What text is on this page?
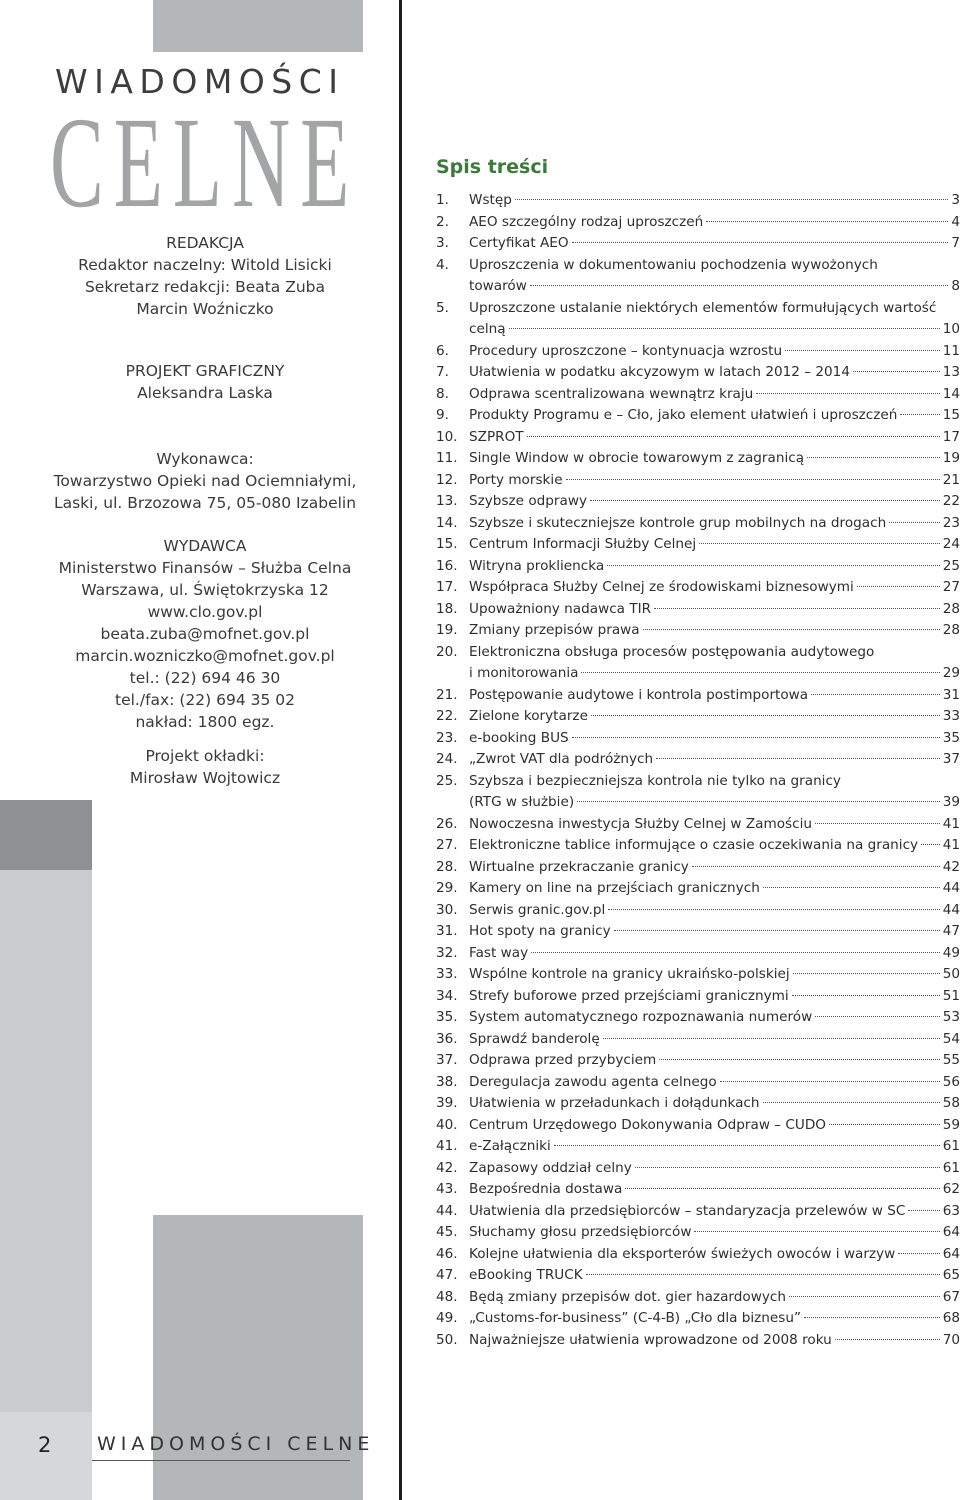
WIADOMOŚCI
CELNE
REDAKCJA
Redaktor naczelny: Witold Lisicki
Sekretarz redakcji: Beata Zuba
Marcin Woźniczko
PROJEKT GRAFICZNY
Aleksandra Laska
Wykonawca:
Towarzystwo Opieki nad Ociemniałymi,
Laski, ul. Brzozowa 75, 05-080 Izabelin
WYDAWCA
Ministerstwo Finansów – Służba Celna
Warszawa, ul. Świętokrzyska 12
www.clo.gov.pl
beata.zuba@mofnet.gov.pl
marcin.wozniczko@mofnet.gov.pl
tel.: (22) 694 46 30
tel./fax: (22) 694 35 02
nakład: 1800 egz.
Projekt okładki:
Mirosław Wojtowicz
Spis treści
1. Wstęp	3
2. AEO szczególny rodzaj uproszczeń	4
3. Certyfikat AEO	7
4. Uproszczenia w dokumentowaniu pochodzenia wywożonych
towarów	8
5. Uproszczone ustalanie niektórych elementów formułujących wartość
celną	10
6. Procedury uproszczone – kontynuacja wzrostu	11
7. Ułatwienia w podatku akcyzowym w latach 2012 – 2014	13
8. Odprawa scentralizowana wewnątrz kraju	14
9. Produkty Programu e – Cło, jako element ułatwień i uproszczeń	15
10. SZPROT	17
11. Single Window w obrocie towarowym z zagranicą	19
12. Porty morskie	21
13. Szybsze odprawy	22
14. Szybsze i skuteczniejsze kontrole grup mobilnych na drogach	23
15. Centrum Informacji Służby Celnej	24
16. Witryna prokliencka	25
17. Współpraca Służby Celnej ze środowiskami biznesowymi	27
18. Upoważniony nadawca TIR	28
19. Zmiany przepisów prawa	28
20. Elektroniczna obsługa procesów postępowania audytowego
i monitorowania	29
21. Postępowanie audytowe i kontrola postimportowa	31
22. Zielone korytarze	33
23. e-booking BUS	35
24. „Zwrot VAT dla podróżnych	37
25. Szybsza i bezpieczniejsza kontrola nie tylko na granicy
(RTG w służbie)	39
26. Nowoczesna inwestycja Służby Celnej w Zamościu	41
27. Elektroniczne tablice informujące o czasie oczekiwania na granicy 41
28. Wirtualne przekraczanie granicy	42
29. Kamery on line na przejściach granicznych	44
30. Serwis granic.gov.pl	44
31. Hot spoty na granicy	47
32. Fast way	49
33. Wspólne kontrole na granicy ukraińsko-polskiej	50
34. Strefy buforowe przed przejściami granicznymi	51
35. System automatycznego rozpoznawania numerów	53
36. Sprawdź banderolę	54
37. Odprawa przed przybyciem	55
38. Deregulacja zawodu agenta celnego	56
39. Ułatwienia w przeładunkach i dołądunkach	58
40. Centrum Urzędowego Dokonywania Odpraw – CUDO	59
41. e-Załączniki	61
42. Zapasowy oddział celny	61
43. Bezpośrednia dostawa	62
44. Ułatwienia dla przedsiębiorców – standaryzacja przelewów w SC	63
45. Słuchamy głosu przedsiębiorców	64
46. Kolejne ułatwienia dla eksporterów świeżych owoców i warzyw	64
47. eBooking TRUCK	65
48. Będą zmiany przepisów dot. gier hazardowych	67
49. „Customs-for-business” (C-4-B) „Cło dla biznesu”	68
50. Najważniejsze ułatwienia wprowadzone od 2008 roku	70
2 WIADOMOŚCI CELNE
